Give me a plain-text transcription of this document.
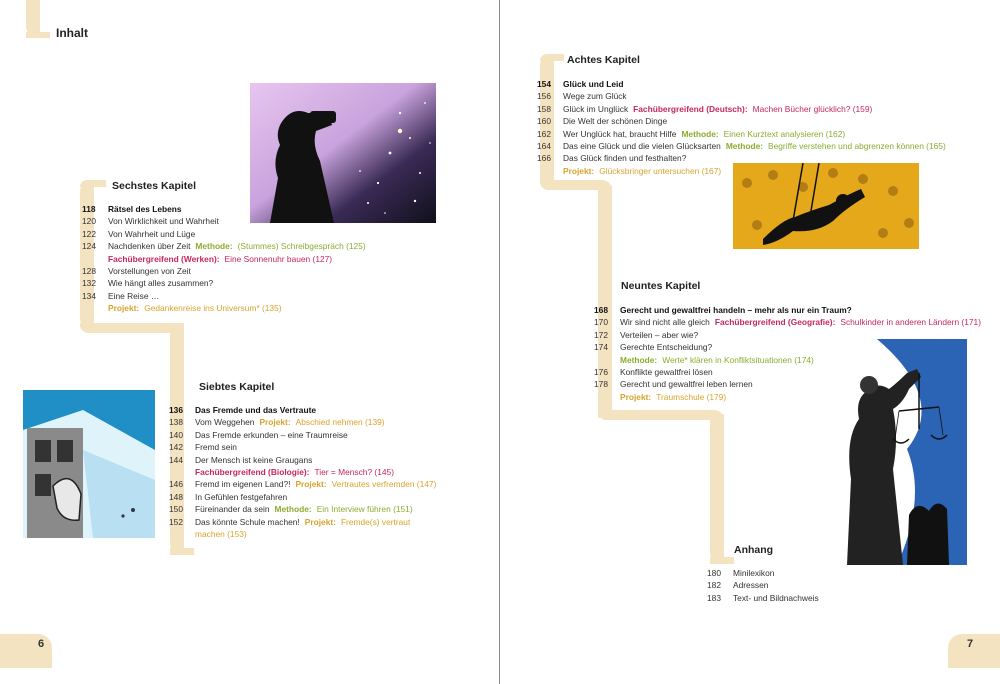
Inhalt
Sechstes Kapitel
118	Rätsel des Lebens
120	Von Wirklichkeit und Wahrheit
122	Von Wahrheit und Lüge
124	Nachdenken über Zeit Methode: (Stummes) Schreibgespräch (125)
Fachübergreifend (Werken): Eine Sonnenuhr bauen (127)
128	Vorstellungen von Zeit
132	Wie hängt alles zusammen?
134	Eine Reise …
Projekt: Gedankenreise ins Universum* (135)
Siebtes Kapitel
136	Das Fremde und das Vertraute
138	Vom Weggehen Projekt: Abschied nehmen (139)
140	Das Fremde erkunden – eine Traumreise
142	Fremd sein
144	Der Mensch ist keine Graugans
Fachübergreifend (Biologie): Tier = Mensch? (145)
146	Fremd im eigenen Land?! Projekt: Vertrautes verfremden (147)
148	In Gefühlen festgefahren
150	Füreinander da sein Methode: Ein Interview führen (151)
152	Das könnte Schule machen! Projekt: Fremde(s) vertraut
machen (153)
Achtes Kapitel
154	Glück und Leid
156	Wege zum Glück
158	Glück im Unglück Fachübergreifend (Deutsch): Machen Bücher glücklich? (159)
160	Die Welt der schönen Dinge
162	Wer Unglück hat, braucht Hilfe Methode: Einen Kurztext analysieren (162)
164	Das eine Glück und die vielen Glücksarten Methode: Begriffe verstehen und abgrenzen können (165)
166	Das Glück finden und festhalten?
Projekt: Glücksbringer untersuchen (167)
Neuntes Kapitel
168	Gerecht und gewaltfrei handeln – mehr als nur ein Traum?
170	Wir sind nicht alle gleich Fachübergreifend (Geografie): Schulkinder in anderen Ländern (171)
172	Verteilen – aber wie?
174	Gerechte Entscheidung?
Methode: Werte* klären in Konfliktsituationen (174)
176	Konflikte gewaltfrei lösen
178	Gerecht und gewaltfrei leben lernen
Projekt: Traumschule (179)
Anhang
180	Minilexikon
182	Adressen
183	Text- und Bildnachweis
6	7
